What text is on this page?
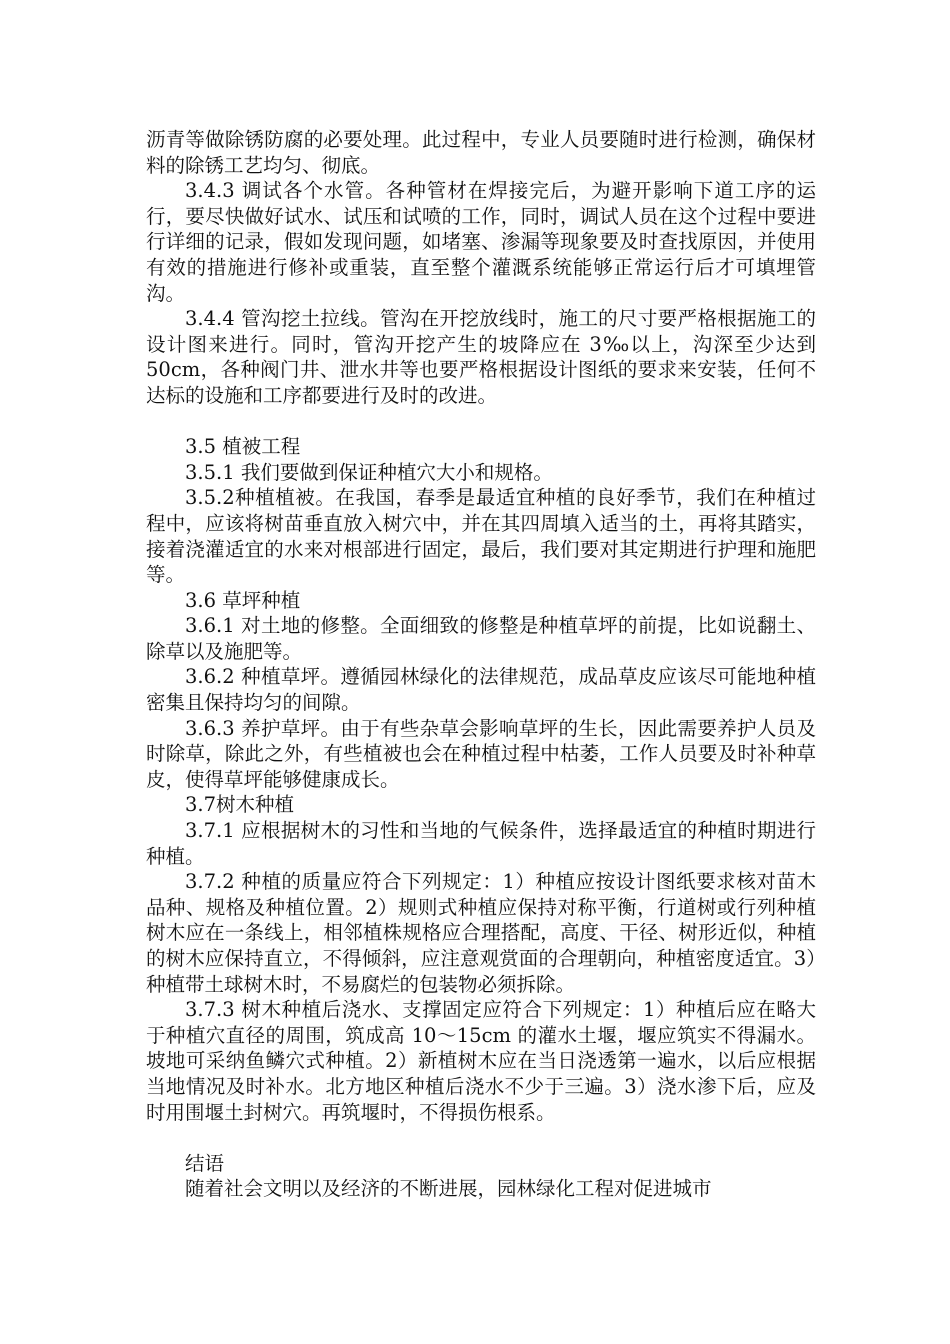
沥青等做除锈防腐的必要处理。此过程中，专业人员要随时进行检测，确保材料的除锈工艺均匀、彻底。

3.4.3 调试各个水管。各种管材在焊接完后，为避开影响下道工序的运行，要尽快做好试水、试压和试喷的工作，同时，调试人员在这个过程中要进行详细的记录，假如发现问题，如堵塞、渗漏等现象要及时查找原因，并使用有效的措施进行修补或重装，直至整个灌溉系统能够正常运行后才可填埋管沟。

3.4.4 管沟挖土拉线。管沟在开挖放线时，施工的尺寸要严格根据施工的设计图来进行。同时，管沟开挖产生的坡降应在 3‰以上，沟深至少达到 50cm，各种阀门井、泄水井等也要严格根据设计图纸的要求来安装，任何不达标的设施和工序都要进行及时的改进。

3.5 植被工程

3.5.1 我们要做到保证种植穴大小和规格。

3.5.2种植植被。在我国，春季是最适宜种植的良好季节，我们在种植过程中，应该将树苗垂直放入树穴中，并在其四周填入适当的土，再将其踏实，接着浇灌适宜的水来对根部进行固定，最后，我们要对其定期进行护理和施肥等。

3.6 草坪种植

3.6.1 对土地的修整。全面细致的修整是种植草坪的前提，比如说翻土、除草以及施肥等。

3.6.2 种植草坪。遵循园林绿化的法律规范，成品草皮应该尽可能地种植密集且保持均匀的间隙。

3.6.3 养护草坪。由于有些杂草会影响草坪的生长，因此需要养护人员及时除草，除此之外，有些植被也会在种植过程中枯萎，工作人员要及时补种草皮，使得草坪能够健康成长。

3.7树木种植

3.7.1 应根据树木的习性和当地的气候条件，选择最适宜的种植时期进行种植。

3.7.2 种植的质量应符合下列规定：1）种植应按设计图纸要求核对苗木品种、规格及种植位置。2）规则式种植应保持对称平衡，行道树或行列种植树木应在一条线上，相邻植株规格应合理搭配，高度、干径、树形近似，种植的树木应保持直立，不得倾斜，应注意观赏面的合理朝向，种植密度适宜。3）种植带土球树木时，不易腐烂的包装物必须拆除。

3.7.3 树木种植后浇水、支撑固定应符合下列规定：1）种植后应在略大于种植穴直径的周围，筑成高 10～15cm 的灌水土堰，堰应筑实不得漏水。坡地可采纳鱼鳞穴式种植。2）新植树木应在当日浇透第一遍水，以后应根据当地情况及时补水。北方地区种植后浇水不少于三遍。3）浇水渗下后，应及时用围堰土封树穴。再筑堰时，不得损伤根系。

结语

随着社会文明以及经济的不断进展，园林绿化工程对促进城市
